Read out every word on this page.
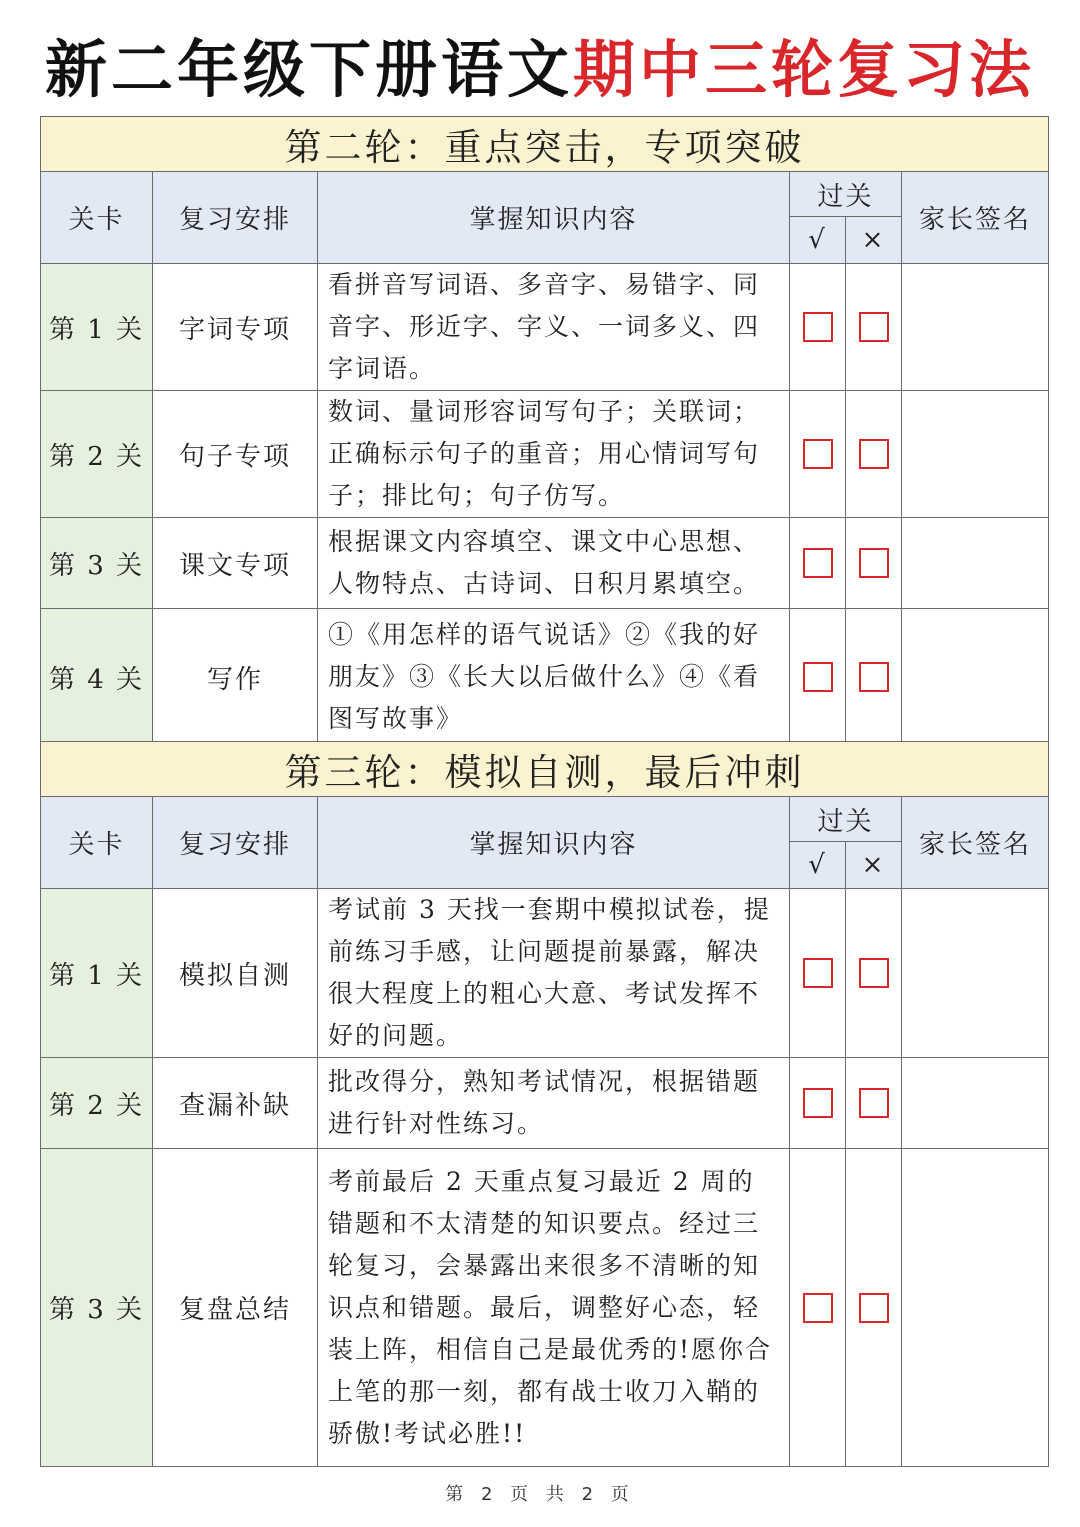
新二年级下册语文期中三轮复习法
第二轮：重点突击，专项突破					
关卡	复习安排	掌握知识内容	过关		家长签名
			√	×	
第 1 关	字词专项	看拼音写词语、多音字、易错字、同音字、形近字、字义、一词多义、四字词语。			
第 2 关	句子专项	数词、量词形容词写句子；关联词；正确标示句子的重音；用心情词写句子；排比句；句子仿写。			
第 3 关	课文专项	根据课文内容填空、课文中心思想、人物特点、古诗词、日积月累填空。			
第 4 关	写作	①《用怎样的语气说话》②《我的好朋友》③《长大以后做什么》④《看图写故事》			
第三轮：模拟自测，最后冲刺					
关卡	复习安排	掌握知识内容	过关		家长签名
			√	×	
第 1 关	模拟自测	考试前 3 天找一套期中模拟试卷，提前练习手感，让问题提前暴露，解决很大程度上的粗心大意、考试发挥不好的问题。			
第 2 关	查漏补缺	批改得分，熟知考试情况，根据错题进行针对性练习。			
第 3 关	复盘总结	考前最后 2 天重点复习最近 2 周的错题和不太清楚的知识要点。经过三轮复习，会暴露出来很多不清晰的知识点和错题。最后，调整好心态，轻装上阵，相信自己是最优秀的!愿你合上笔的那一刻，都有战士收刀入鞘的骄傲!考试必胜!!			
第 2 页 共 2 页
